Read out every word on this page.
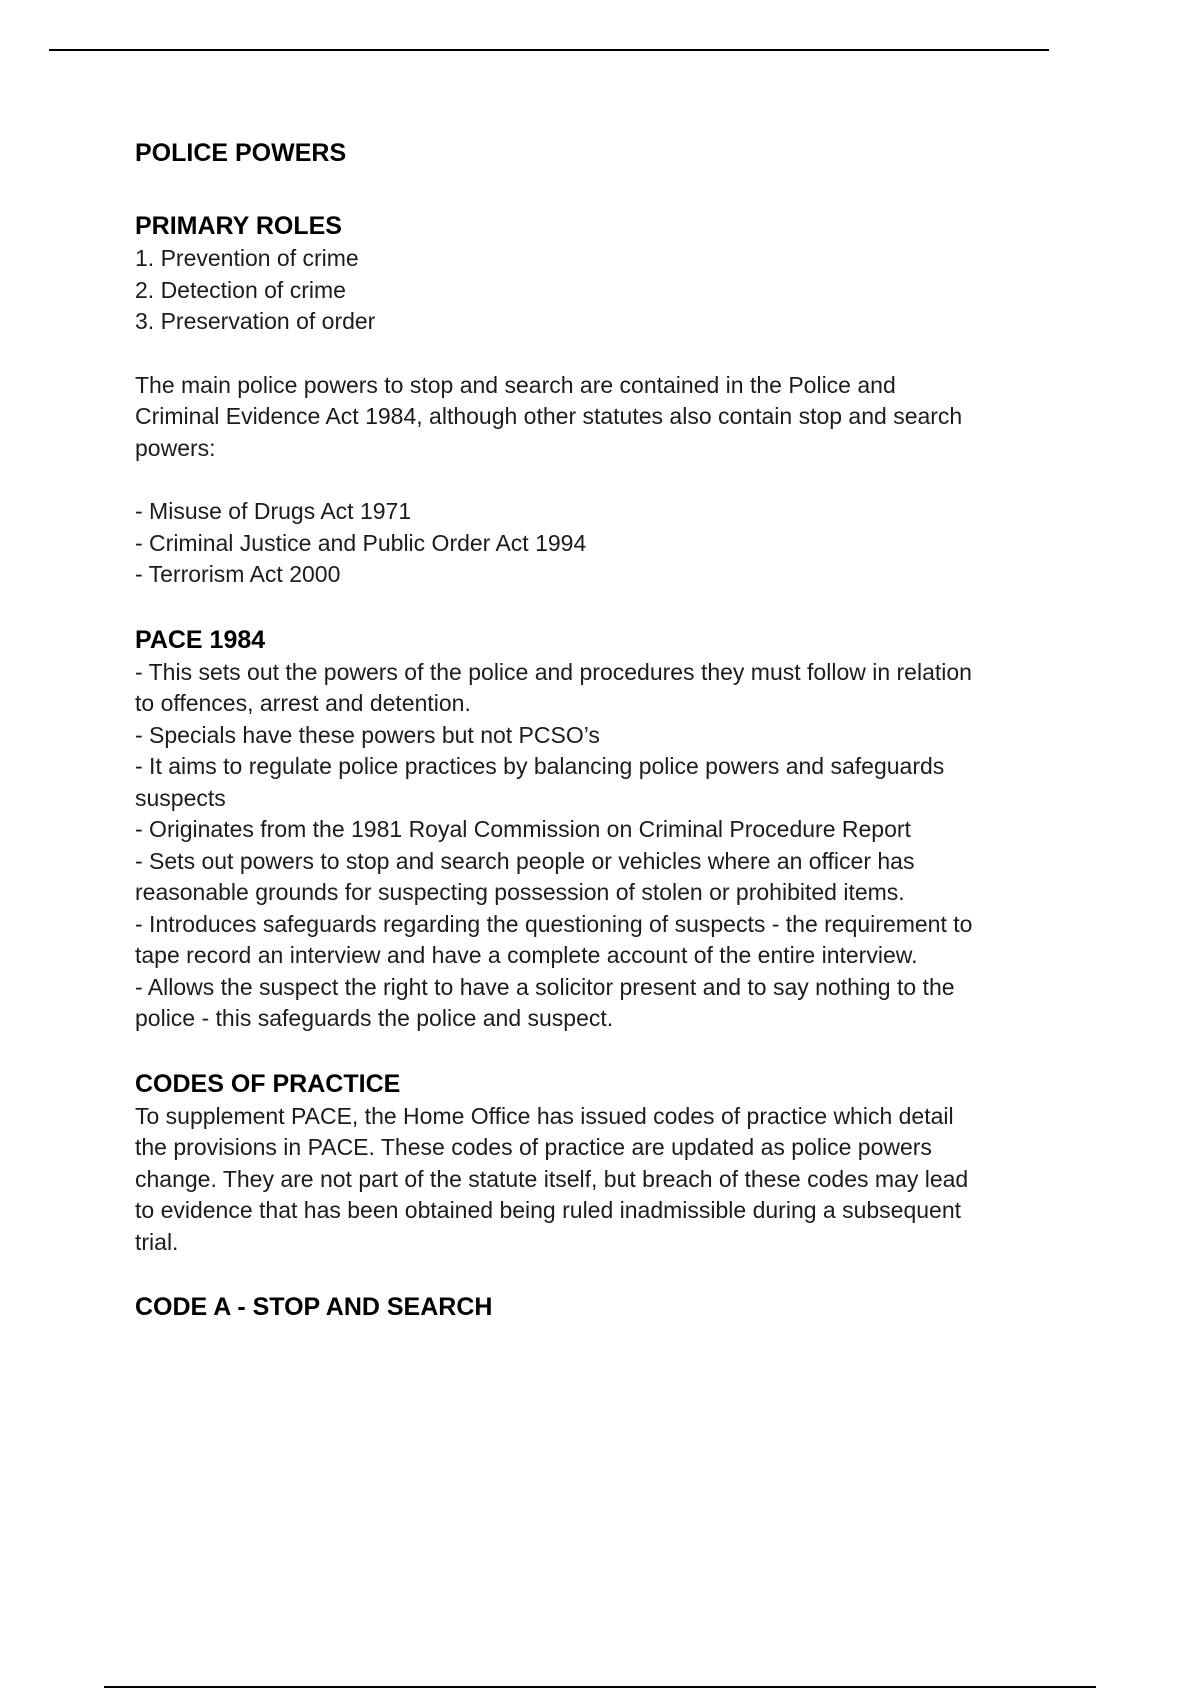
POLICE POWERS
PRIMARY ROLES
1. Prevention of crime
2. Detection of crime
3. Preservation of order

The main police powers to stop and search are contained in the Police and Criminal Evidence Act 1984, although other statutes also contain stop and search powers:

- Misuse of Drugs Act 1971
- Criminal Justice and Public Order Act 1994
- Terrorism Act 2000
PACE 1984
- This sets out the powers of the police and procedures they must follow in relation to offences, arrest and detention.
- Specials have these powers but not PCSO’s
- It aims to regulate police practices by balancing police powers and safeguards suspects
- Originates from the 1981 Royal Commission on Criminal Procedure Report
- Sets out powers to stop and search people or vehicles where an officer has reasonable grounds for suspecting possession of stolen or prohibited items.
- Introduces safeguards regarding the questioning of suspects - the requirement to tape record an interview and have a complete account of the entire interview.
- Allows the suspect the right to have a solicitor present and to say nothing to the police - this safeguards the police and suspect.
CODES OF PRACTICE

To supplement PACE, the Home Office has issued codes of practice which detail the provisions in PACE. These codes of practice are updated as police powers change. They are not part of the statute itself, but breach of these codes may lead to evidence that has been obtained being ruled inadmissible during a subsequent trial.

CODE A - STOP AND SEARCH
